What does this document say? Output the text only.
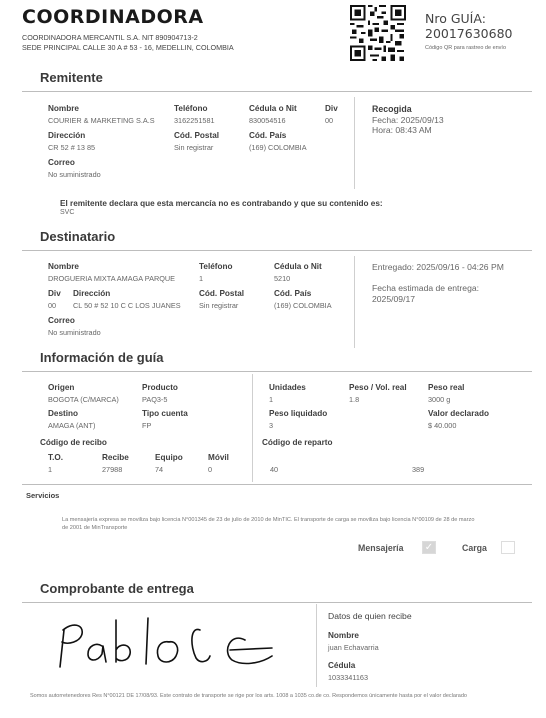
COORDINADORA
COORDINADORA MERCANTIL S.A. NIT 890904713-2
SEDE PRINCIPAL CALLE 30 A # 53 - 16, MEDELLIN, COLOMBIA
Nro GUÍA:
20017630680
Código QR para rastreo de envío
Remitente
Nombre
COURIER & MARKETING S.A.S
Teléfono
3162251581
Cédula o Nit
830054516
Div
00
Dirección
CR 52 # 13 85
Cód. Postal
Sin registrar
Cód. País
(169) COLOMBIA
Correo
No suministrado
Recogida
Fecha: 2025/09/13
Hora: 08:43 AM
El remitente declara que esta mercancía no es contrabando y que su contenido es:
SVC
Destinatario
Nombre
DROGUERIA MIXTA AMAGA PARQUE
Teléfono
1
Cédula o Nit
5210
Div
00
Dirección
CL 50 # 52 10 C C LOS JUANES
Cód. Postal
Sin registrar
Cód. País
(169) COLOMBIA
Correo
No suministrado
Entregado: 2025/09/16 - 04:26 PM
Fecha estimada de entrega:
2025/09/17
Información de guía
Origen
BOGOTA (C/MARCA)
Producto
PAQ3-5
Destino
AMAGA (ANT)
Tipo cuenta
FP
Código de recibo
T.O.
1
Recibe
27988
Equipo
74
Móvil
0
Unidades
1
Peso / Vol. real
1.8
Peso real
3000 g
Peso liquidado
3
Valor declarado
$ 40.000
Código de reparto
40	389
Servicios
La mensajería expresa se moviliza bajo licencia N°001345 de 23 de julio de 2010 de MinTIC. El transporte de carga se moviliza bajo licencia N°00109 de 28 de marzo de 2001 de MinTransporte
Mensajería ✓	Carga
Comprobante de entrega
Datos de quien recibe
Nombre
juan Echavarria
Cédula
1033341163
Somos autorretenedores Res N°00121 DE 17/08/93. Este contrato de transporte se rige por los arts. 1008 a 1035 co.de co. Respondemos únicamente hasta por el valor declarado
